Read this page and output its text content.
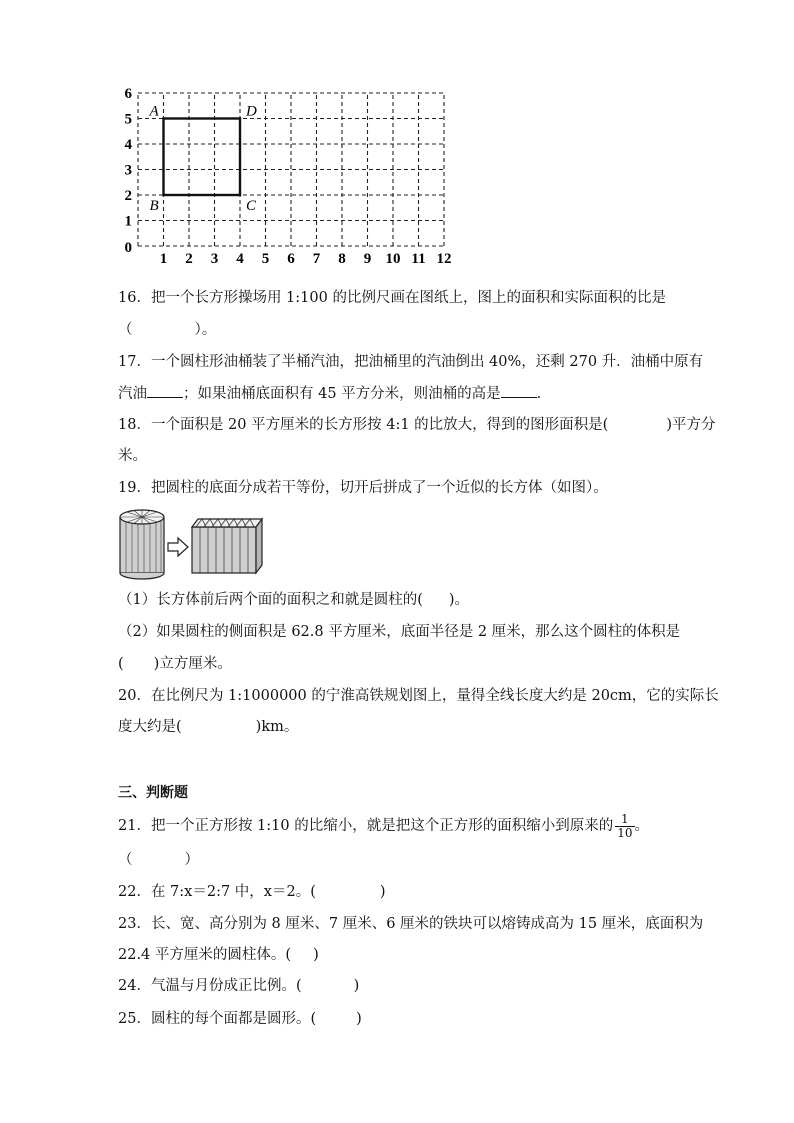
1 2 3 4 5 6 7 8 9 10 11 12
1
2
3
4
5
6
0
A	D
B	C
16．把一个长方形操场用 1:100 的比例尺画在图纸上，图上的面积和实际面积的比是
（	）。
17．一个圆柱形油桶装了半桶汽油，把油桶里的汽油倒出 40%，还剩 270 升．油桶中原有
汽油 ；如果油桶底面积有 45 平方分米，则油桶的高是 ．
18．一个面积是 20 平方厘米的长方形按 4:1 的比放大，得到的图形面积是(	)平方分
米。
19．把圆柱的底面分成若干等份，切开后拼成了一个近似的长方体（如图）。
（1）长方体前后两个面的面积之和就是圆柱的( )。
（2）如果圆柱的侧面积是 62.8 平方厘米，底面半径是 2 厘米，那么这个圆柱的体积是
( )立方厘米。
20．在比例尺为 1:1000000 的宁淮高铁规划图上，量得全线长度大约是 20cm，它的实际长
度大约是(	)km。
三、判断题
21．把一个正方形按 1:10 的比缩小，就是把这个正方形的面积缩小到原来的 $\frac{1}{10}$ 。
（	）
22．在 7:x＝2:7 中，x＝2。(	)
23．长、宽、高分别为 8 厘米、7 厘米、6 厘米的铁块可以熔铸成高为 15 厘米，底面积为
22.4 平方厘米的圆柱体。( )
24．气温与月份成正比例。(	)
25．圆柱的每个面都是圆形。(	)
